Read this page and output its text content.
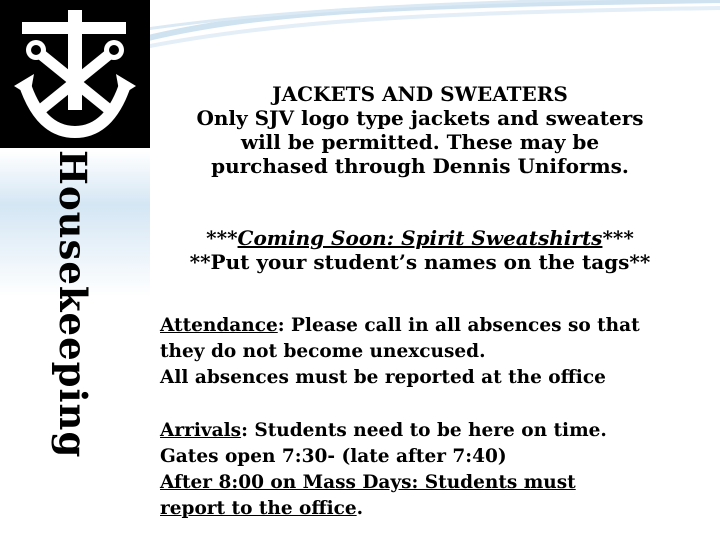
Housekeeping
JACKETS AND SWEATERS
Only SJV logo type jackets and sweaters
will be permitted. These may be
purchased through Dennis Uniforms.
***Coming Soon: Spirit Sweatshirts***
**Put your student’s names on the tags**
Attendance: Please call in all absences so that
they do not become unexcused.
All absences must be reported at the office
Arrivals: Students need to be here on time.
Gates open 7:30- (late after 7:40)
After 8:00 on Mass Days: Students must
report to the office.
